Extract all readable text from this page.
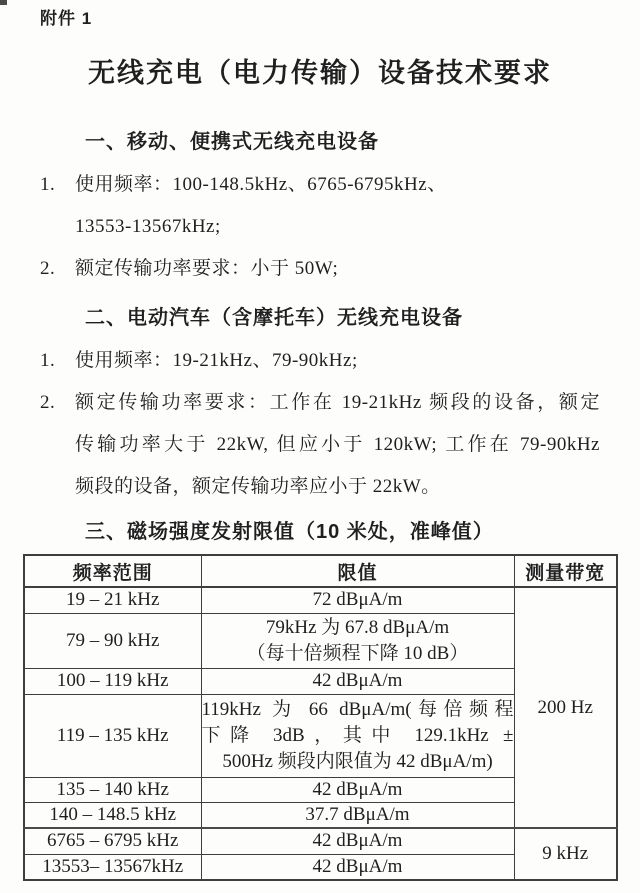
附件 1
无线充电（电力传输）设备技术要求
一、移动、便携式无线充电设备
1.	使用频率：100-148.5kHz、6765-6795kHz、
13553-13567kHz;
2.	额定传输功率要求：小于 50W;
二、电动汽车（含摩托车）无线充电设备
1.	使用频率：19-21kHz、79-90kHz;
2.	额定传输功率要求：工作在 19-21kHz 频段的设备，额定
传输功率大于 22kW, 但应小于 120kW; 工作在 79-90kHz
频段的设备，额定传输功率应小于 22kW。
三、磁场强度发射限值（10 米处，准峰值）
频率范围	限值	测量带宽
19 – 21 kHz	72 dBμA/m	200 Hz
79 – 90 kHz	79kHz 为 67.8 dBμA/m
（每十倍频程下降 10 dB）	

100 – 119 kHz	42 dBμA/m	
119 – 135 kHz	119kHz 为 66 dBμA/m(每倍频程
下降 3dB，其中 129.1kHz ±
500Hz 频段内限值为 42 dBμA/m)	

135 – 140 kHz	42 dBμA/m	
140 – 148.5 kHz	37.7 dBμA/m	
6765 – 6795 kHz	42 dBμA/m	9 kHz
13553– 13567kHz	42 dBμA/m	
